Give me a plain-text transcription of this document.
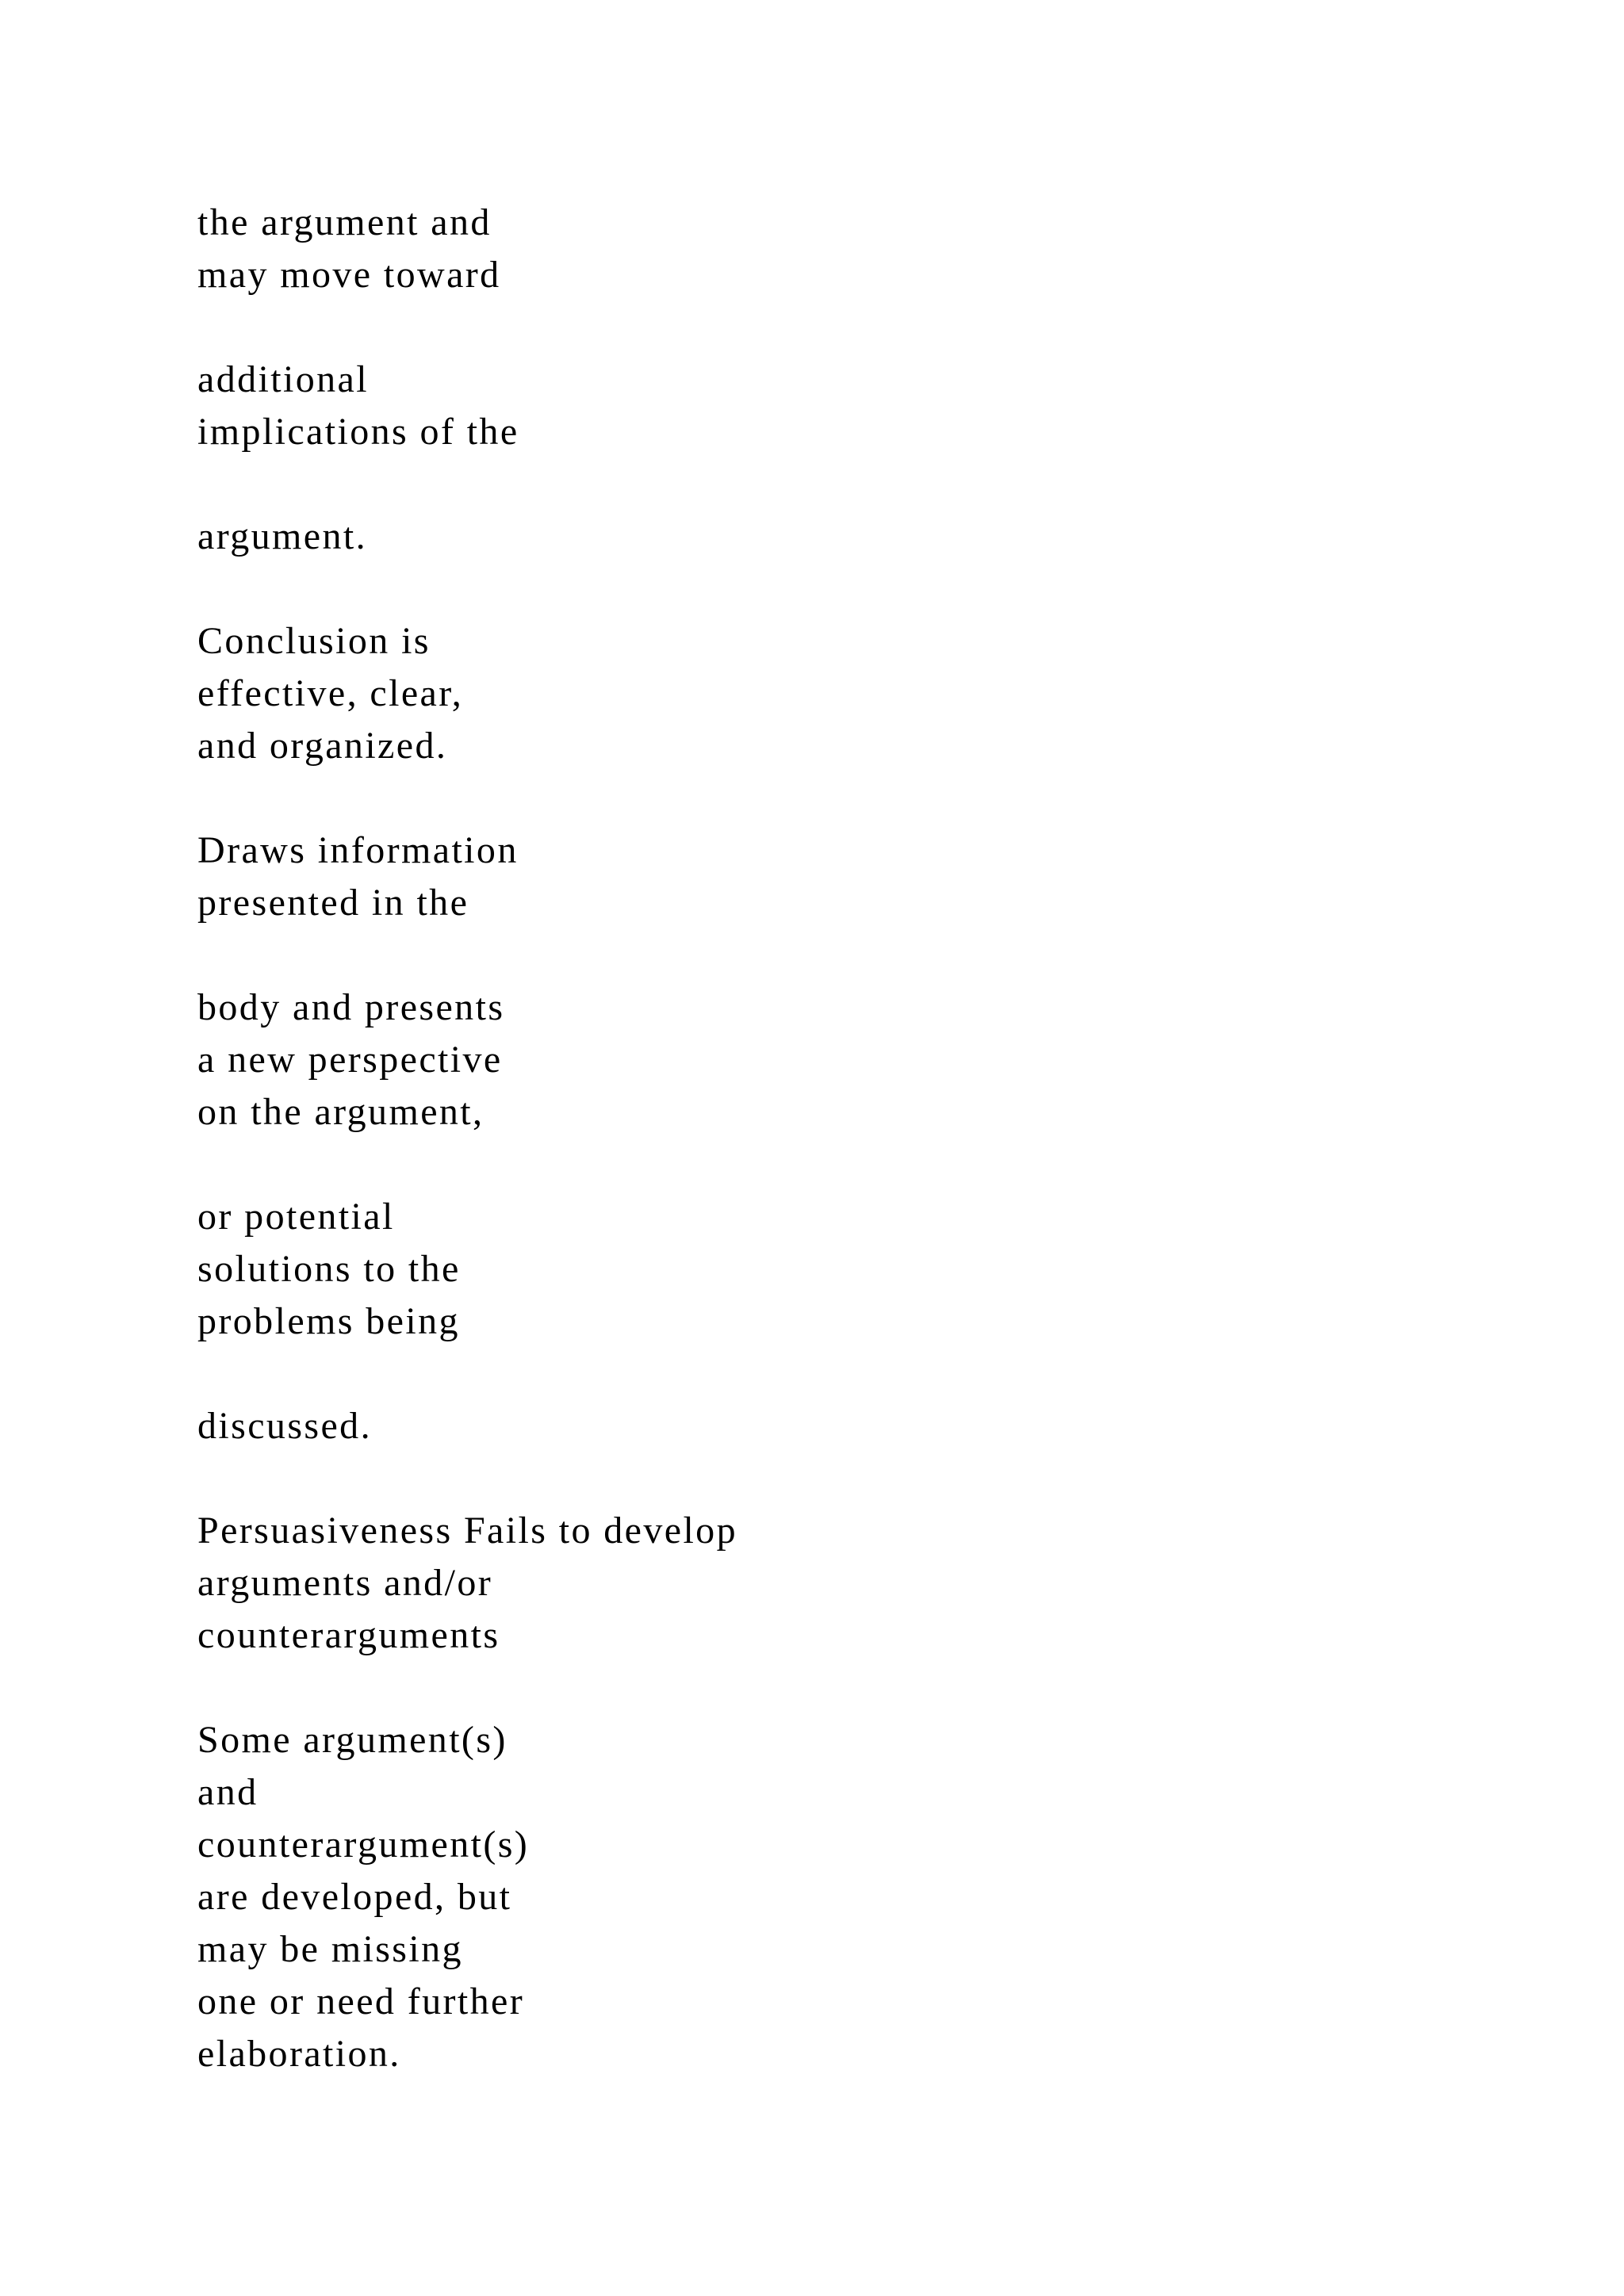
the argument and
may move toward
additional
implications of the
argument.
Conclusion is
effective, clear,
and organized.
Draws information
presented in the
body and presents
a new perspective
on the argument,
or potential
solutions to the
problems being
discussed.
Persuasiveness Fails to develop
arguments and/or
counterarguments
Some argument(s)
and
counterargument(s)
are developed, but
may be missing
one or need further
elaboration.
